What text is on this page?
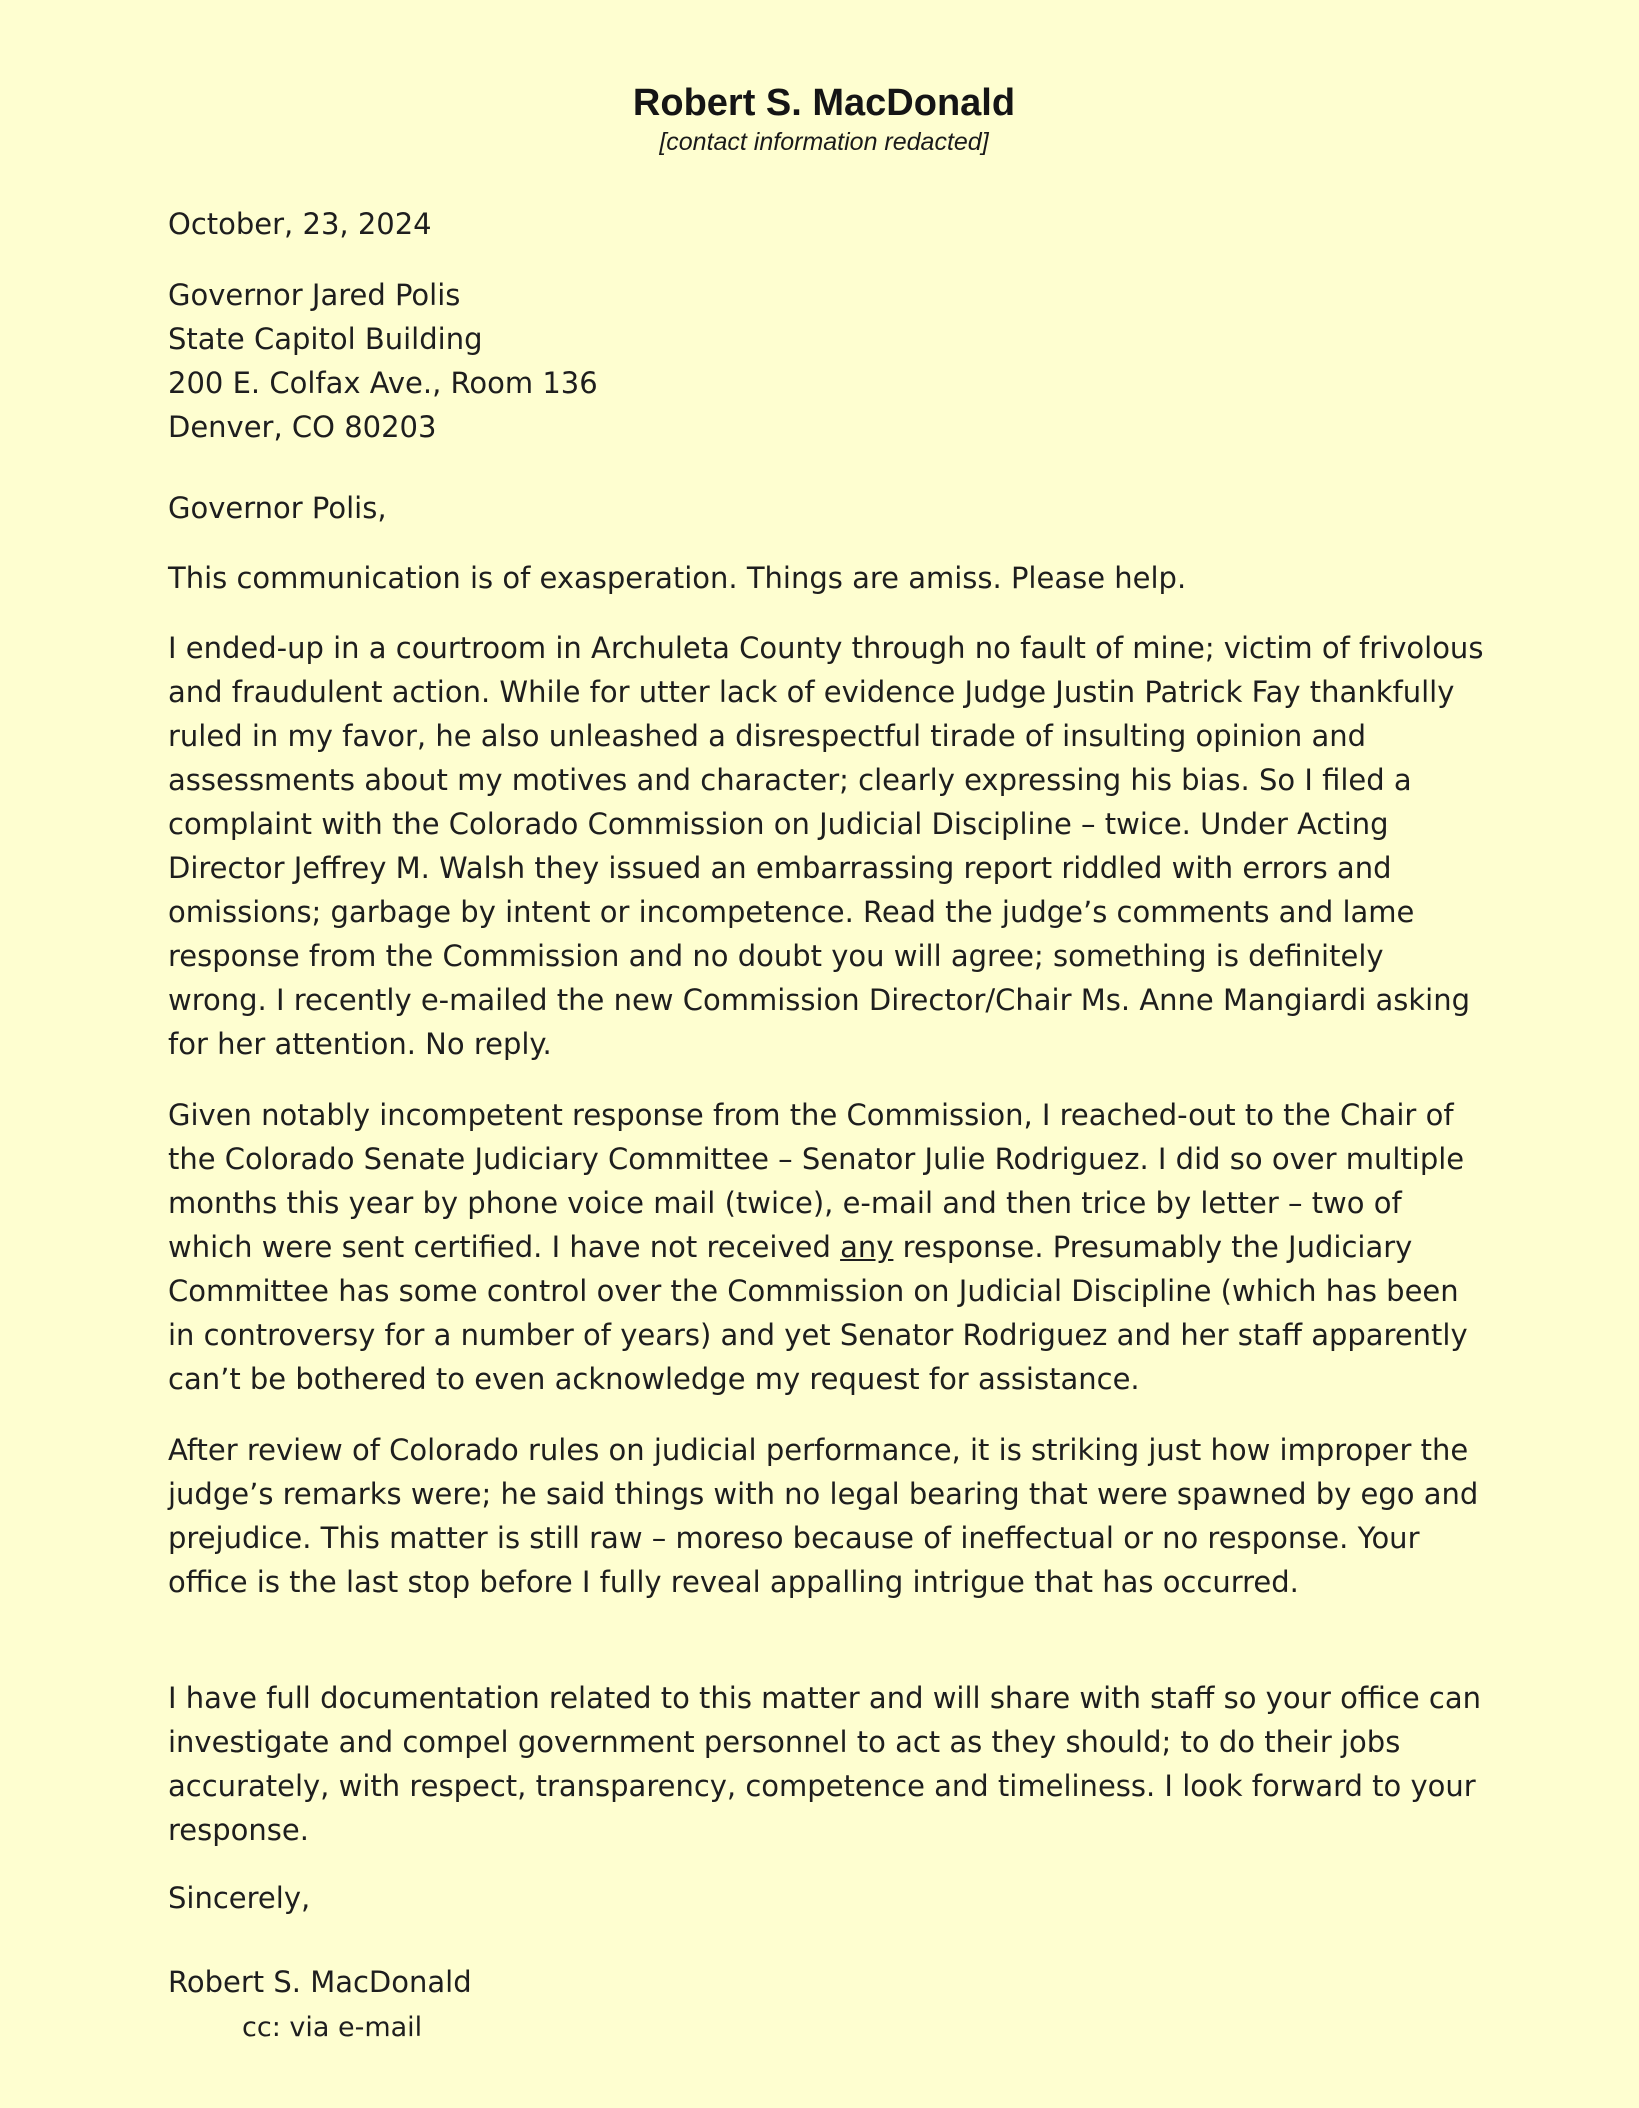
Robert S. MacDonald
[contact information redacted]

October, 23, 2024

Governor Jared Polis
State Capitol Building
200 E. Colfax Ave., Room 136
Denver, CO 80203

Governor Polis,

This communication is of exasperation. Things are amiss. Please help.

I ended-up in a courtroom in Archuleta County through no fault of mine; victim of frivolous and fraudulent action. While for utter lack of evidence Judge Justin Patrick Fay thankfully ruled in my favor, he also unleashed a disrespectful tirade of insulting opinion and assessments about my motives and character; clearly expressing his bias. So I filed a complaint with the Colorado Commission on Judicial Discipline – twice. Under Acting Director Jeffrey M. Walsh they issued an embarrassing report riddled with errors and omissions; garbage by intent or incompetence. Read the judge’s comments and lame response from the Commission and no doubt you will agree; something is definitely wrong. I recently e-mailed the new Commission Director/Chair Ms. Anne Mangiardi asking for her attention. No reply.

Given notably incompetent response from the Commission, I reached-out to the Chair of the Colorado Senate Judiciary Committee – Senator Julie Rodriguez. I did so over multiple months this year by phone voice mail (twice), e-mail and then trice by letter – two of which were sent certified. I have not received any response. Presumably the Judiciary Committee has some control over the Commission on Judicial Discipline (which has been in controversy for a number of years) and yet Senator Rodriguez and her staff apparently can’t be bothered to even acknowledge my request for assistance.

After review of Colorado rules on judicial performance, it is striking just how improper the judge’s remarks were; he said things with no legal bearing that were spawned by ego and prejudice. This matter is still raw – moreso because of ineffectual or no response. Your office is the last stop before I fully reveal appalling intrigue that has occurred.

I have full documentation related to this matter and will share with staff so your office can investigate and compel government personnel to act as they should; to do their jobs accurately, with respect, transparency, competence and timeliness. I look forward to your response.

Sincerely,

Robert S. MacDonald

cc: via e-mail
